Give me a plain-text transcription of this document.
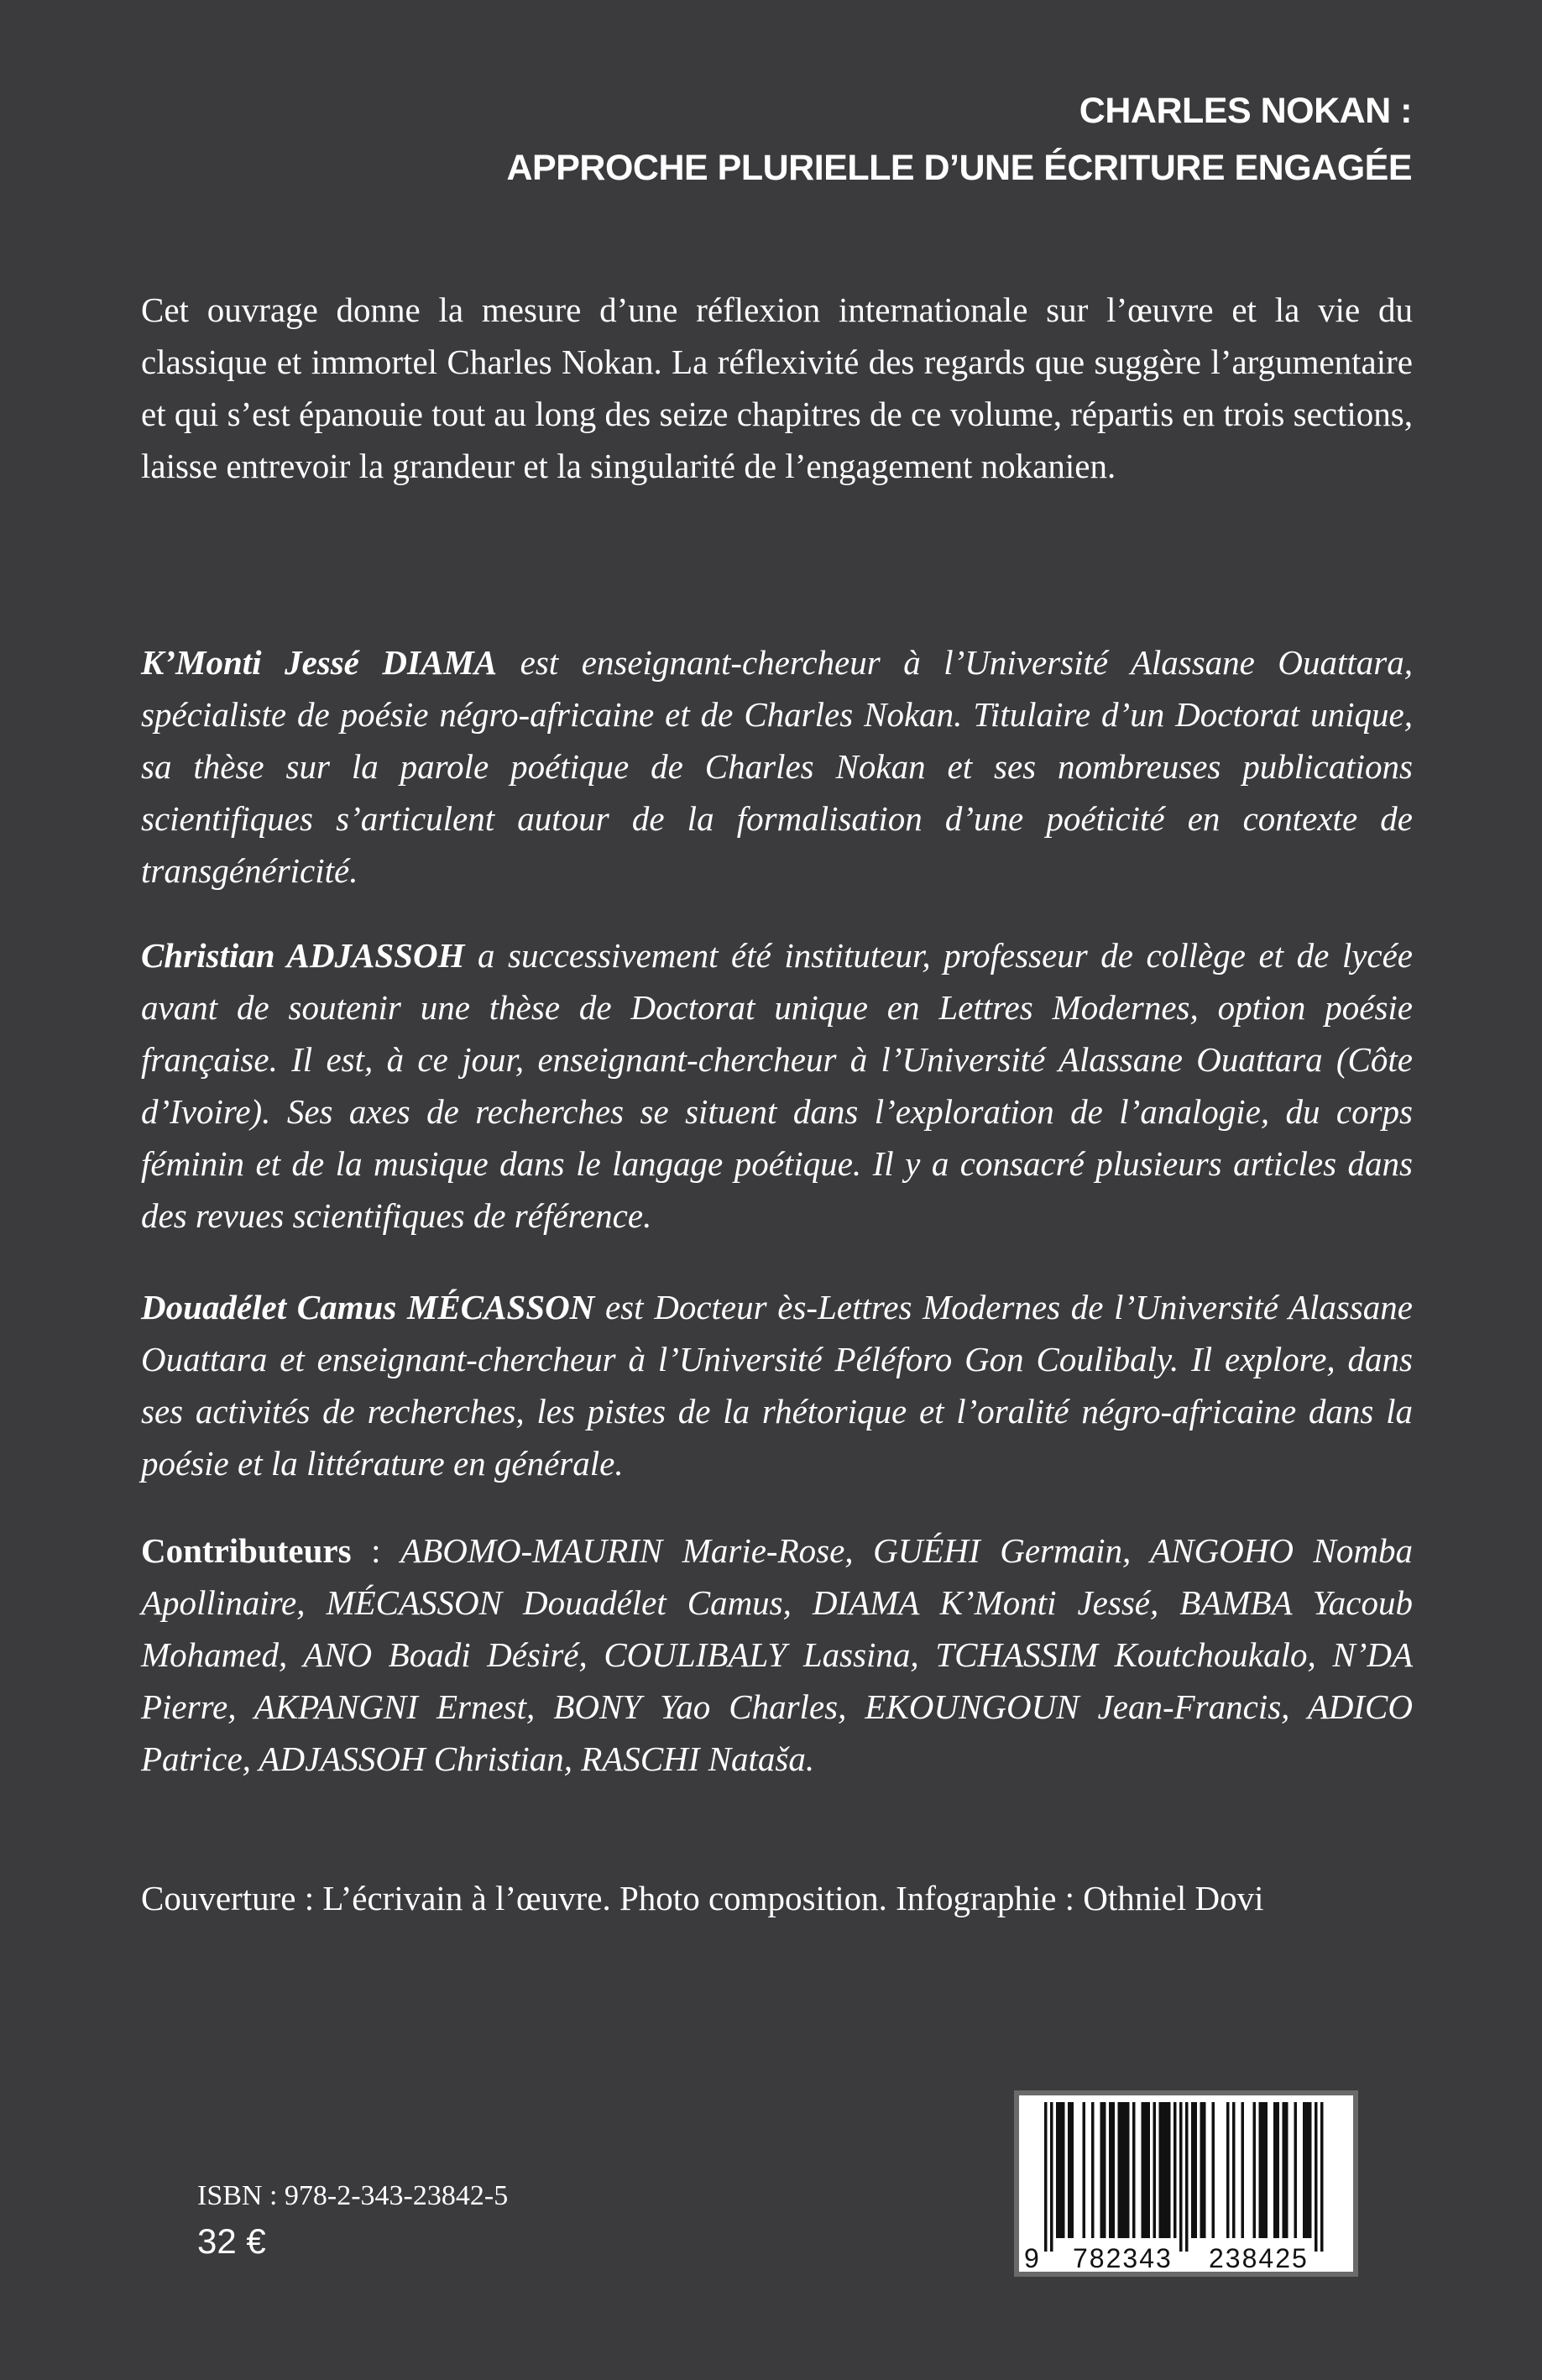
CHARLES NOKAN :
APPROCHE PLURIELLE D’UNE ÉCRITURE ENGAGÉE

Cet ouvrage donne la mesure d’une réflexion internationale sur l’œuvre et la vie du classique et immortel Charles Nokan. La réflexivité des regards que suggère l’argumentaire et qui s’est épanouie tout au long des seize chapitres de ce volume, répartis en trois sections, laisse entrevoir la grandeur et la singularité de l’engagement nokanien.

K’Monti Jessé DIAMA est enseignant-chercheur à l’Université Alassane Ouattara, spécialiste de poésie négro-africaine et de Charles Nokan. Titulaire d’un Doctorat unique, sa thèse sur la parole poétique de Charles Nokan et ses nombreuses publications scientifiques s’articulent autour de la formalisation d’une poéticité en contexte de transgénéricité.

Christian ADJASSOH a successivement été instituteur, professeur de collège et de lycée avant de soutenir une thèse de Doctorat unique en Lettres Modernes, option poésie française. Il est, à ce jour, enseignant-chercheur à l’Université Alassane Ouattara (Côte d’Ivoire). Ses axes de recherches se situent dans l’exploration de l’analogie, du corps féminin et de la musique dans le langage poétique. Il y a consacré plusieurs articles dans des revues scientifiques de référence.

Douadélet Camus MÉCASSON est Docteur ès-Lettres Modernes de l’Université Alassane Ouattara et enseignant-chercheur à l’Université Péléforo Gon Coulibaly. Il explore, dans ses activités de recherches, les pistes de la rhétorique et l’oralité négro-africaine dans la poésie et la littérature en générale.

Contributeurs : ABOMO-MAURIN Marie-Rose, GUÉHI Germain, ANGOHO Nomba Apollinaire, MÉCASSON Douadélet Camus, DIAMA K’Monti Jessé, BAMBA Yacoub Mohamed, ANO Boadi Désiré, COULIBALY Lassina, TCHASSIM Koutchoukalo, N’DA Pierre, AKPANGNI Ernest, BONY Yao Charles, EKOUNGOUN Jean-Francis, ADICO Patrice, ADJASSOH Christian, RASCHI Nataša.

Couverture : L’écrivain à l’œuvre. Photo composition. Infographie : Othniel Dovi

ISBN : 978-2-343-23842-5
32 €	9 782343 238425
